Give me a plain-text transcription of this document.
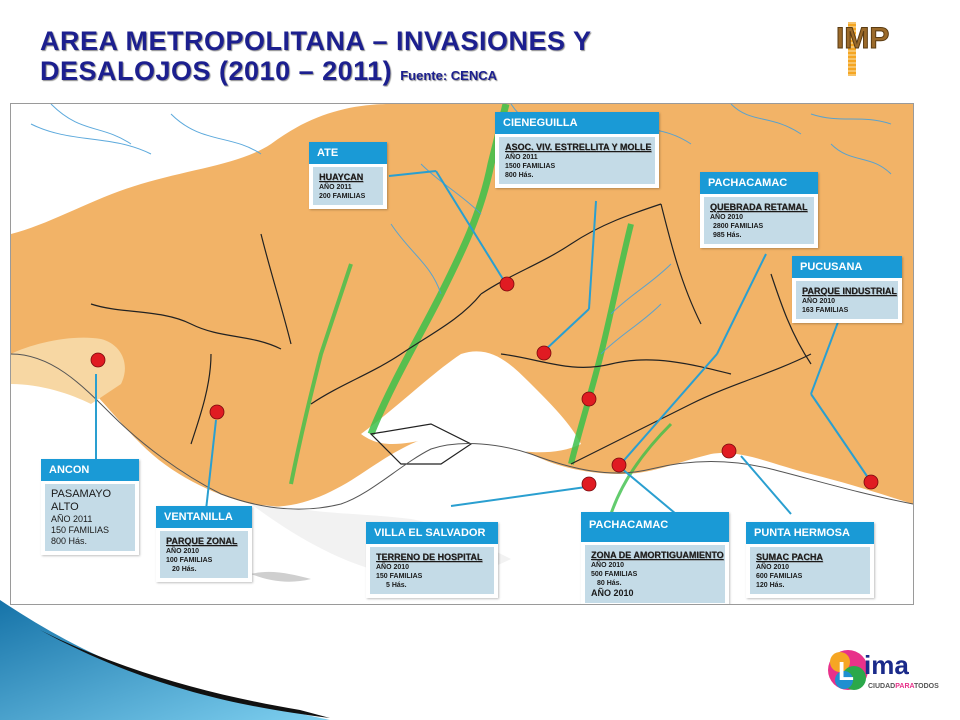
AREA METROPOLITANA – INVASIONES Y
DESALOJOS (2010 – 2011) Fuente: CENCA
IMP
ANCON
PASAMAYO ALTO
AÑO 2011
150 FAMILIAS
800 Hás.
VENTANILLA
PARQUE ZONAL
AÑO 2010
100 FAMILIAS
20 Hás.
ATE
HUAYCAN
AÑO 2011
200 FAMILIAS
CIENEGUILLA
ASOC. VIV. ESTRELLITA Y MOLLE
AÑO 2011
1500 FAMILIAS
800 Hás.
PACHACAMAC
QUEBRADA RETAMAL
AÑO 2010
2800 FAMILIAS
985 Hás.
PUCUSANA
PARQUE INDUSTRIAL
AÑO 2010
163 FAMILIAS
VILLA EL SALVADOR
TERRENO DE HOSPITAL
AÑO 2010
150 FAMILIAS
5 Hás.
PACHACAMAC
ZONA DE AMORTIGUAMIENTO
AÑO 2010
500 FAMILIAS
80 Hás.
AÑO 2010
PUNTA HERMOSA
SUMAC PACHA
AÑO 2010
600 FAMILIAS
120 Hás.
L ima
CIUDADPARATODOS
